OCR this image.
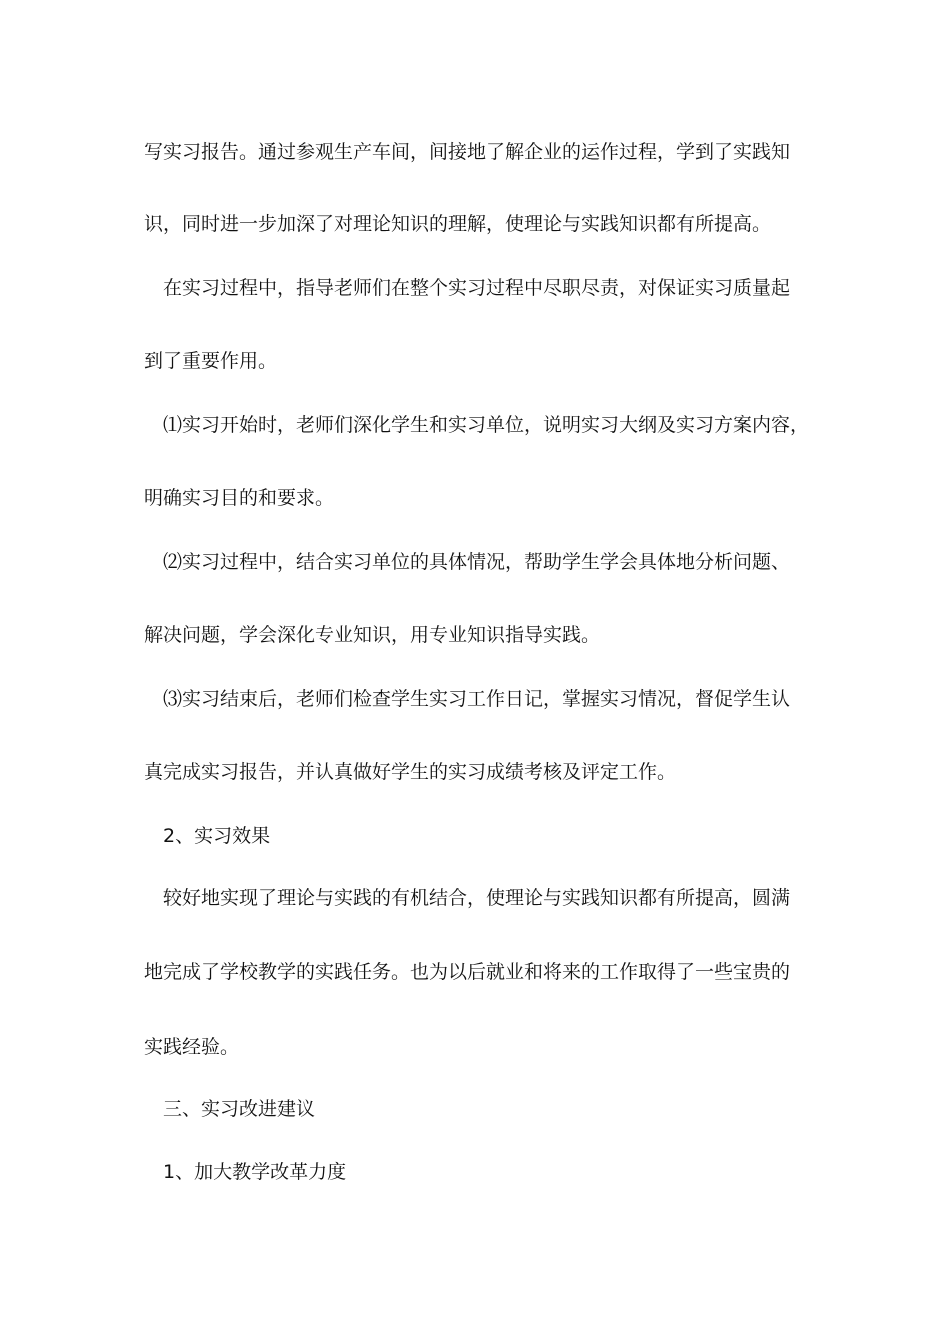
写实习报告。通过参观生产车间，间接地了解企业的运作过程，学到了实践知
识，同时进一步加深了对理论知识的理解，使理论与实践知识都有所提高。
在实习过程中，指导老师们在整个实习过程中尽职尽责，对保证实习质量起
到了重要作用。
⑴实习开始时，老师们深化学生和实习单位，说明实习大纲及实习方案内容，
明确实习目的和要求。
⑵实习过程中，结合实习单位的具体情况，帮助学生学会具体地分析问题、
解决问题，学会深化专业知识，用专业知识指导实践。
⑶实习结束后，老师们检查学生实习工作日记，掌握实习情况，督促学生认
真完成实习报告，并认真做好学生的实习成绩考核及评定工作。
2、实习效果
较好地实现了理论与实践的有机结合，使理论与实践知识都有所提高，圆满
地完成了学校教学的实践任务。也为以后就业和将来的工作取得了一些宝贵的
实践经验。
三、实习改进建议
1、加大教学改革力度
